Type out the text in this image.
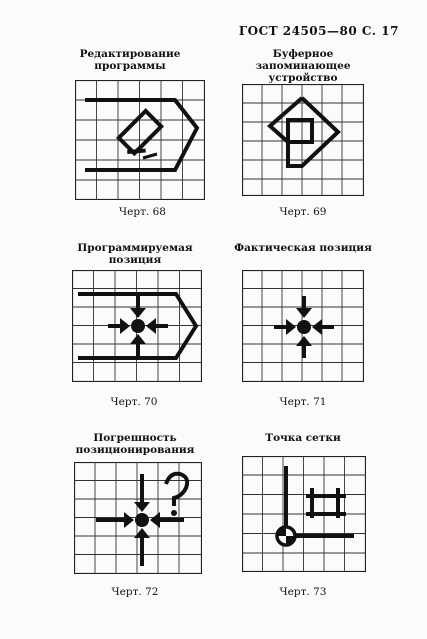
ГОСТ 24505—80 С. 17
Редактирование
программы
Черт. 68
Буферное запоминающее
устройство
Черт. 69
Программируемая
позиция
Черт. 70
Фактическая позиция
Черт. 71
Погрешность
позиционирования
Черт. 72
Точка сетки
Черт. 73
